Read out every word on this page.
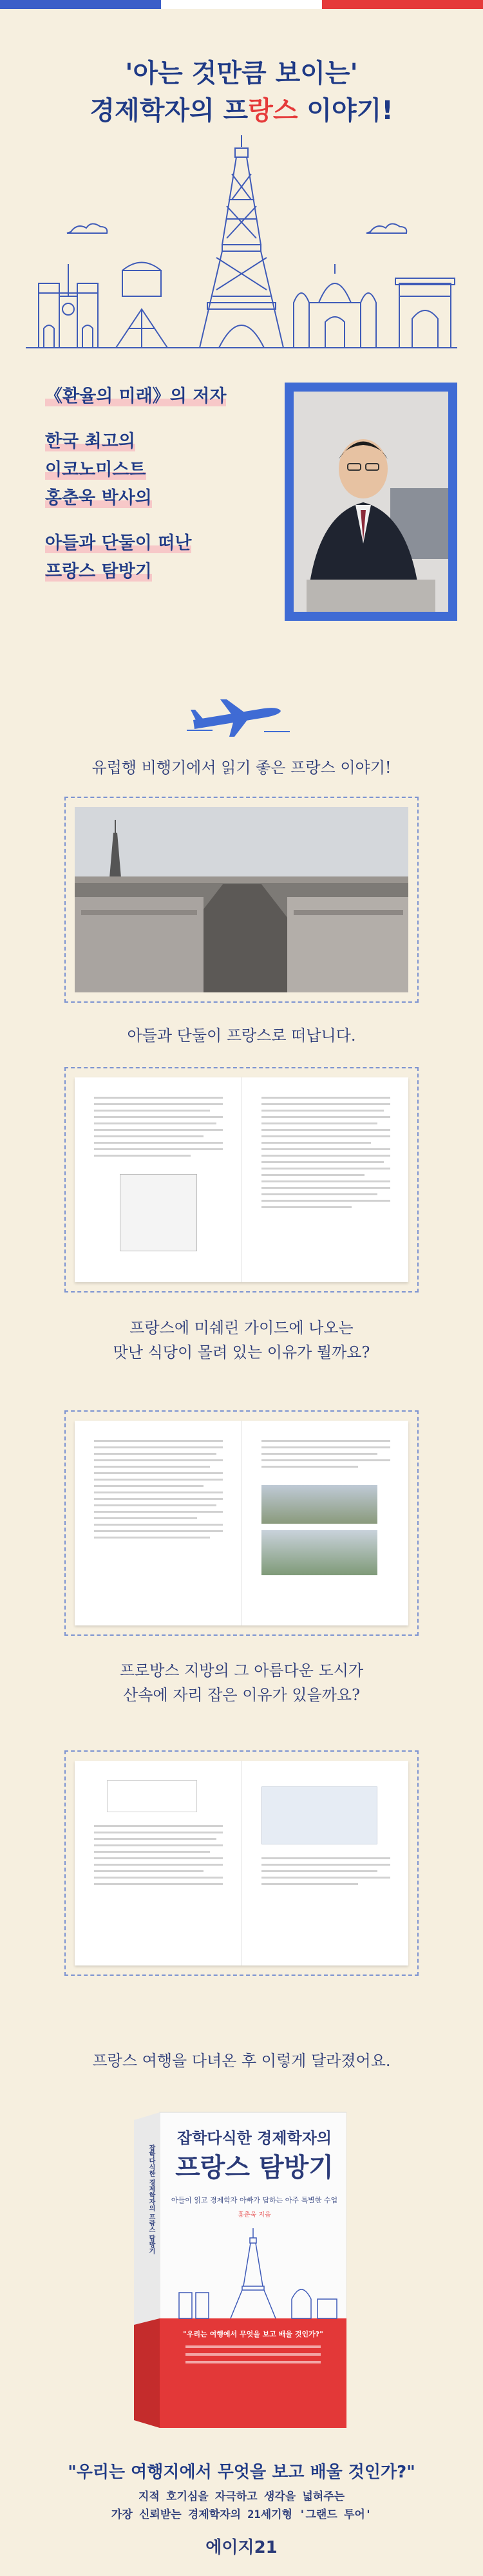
'아는 것만큼 보이는'
경제학자의 프랑스 이야기!
《환율의 미래》의 저자
한국 최고의
이코노미스트
홍춘욱 박사의
아들과 단둘이 떠난
프랑스 탐방기
유럽행 비행기에서 읽기 좋은 프랑스 이야기!
아들과 단둘이 프랑스로 떠납니다.
프랑스에 미쉐린 가이드에 나오는
맛난 식당이 몰려 있는 이유가 뭘까요?
프로방스 지방의 그 아름다운 도시가
산속에 자리 잡은 이유가 있을까요?
프랑스 여행을 다녀온 후 이렇게 달라졌어요.
잡학다식한 경제학자의 프랑스 탐방기
잡학다식한 경제학자의
프랑스 탐방기
아들이 읽고 경제학자 아빠가 답하는 아주 특별한 수업
홍춘욱 지음
"우리는 여행에서 무엇을 보고 배울 것인가?"
"우리는 여행지에서 무엇을 보고 배울 것인가?"
지적 호기심을 자극하고 생각을 넓혀주는
가장 신뢰받는 경제학자의 21세기형 '그랜드 투어'
에이지21
